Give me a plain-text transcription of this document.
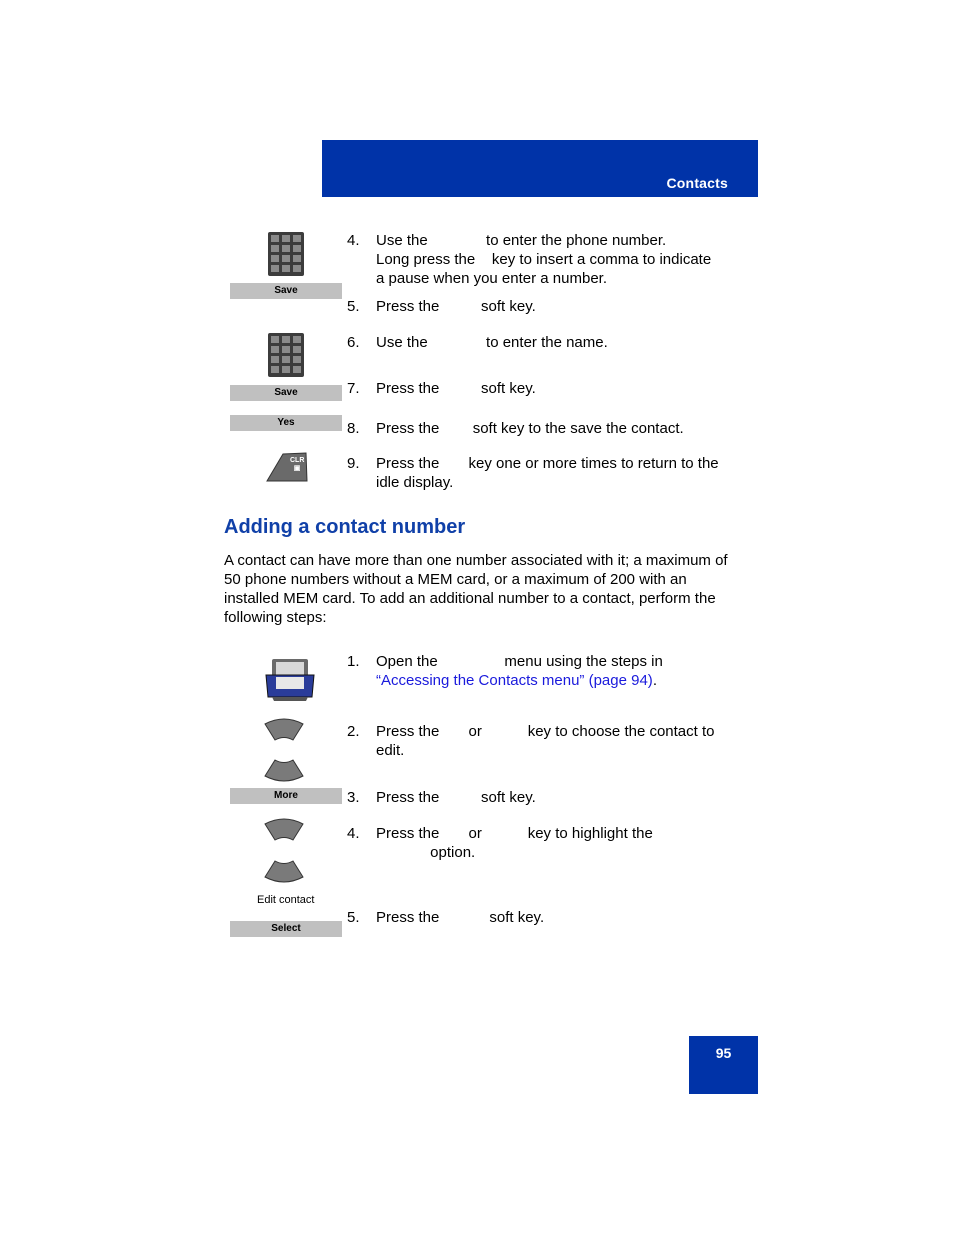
Contacts
Save
4. Use the              to enter the phone number.
Long press the    key to insert a comma to indicate
a pause when you enter a number.
5. Press the          soft key.
6. Use the              to enter the name.
Save	7. Press the          soft key.
Yes	8. Press the        soft key to the save the contact.
CLR
▣	9. Press the       key one or more times to return to the
idle display.
Adding a contact number
A contact can have more than one number associated with it; a maximum of 50 phone numbers without a MEM card, or a maximum of 200 with an installed MEM card. To add an additional number to a contact, perform the following steps:
1. Open the                menu using the steps in
“Accessing the Contacts menu” (page 94).
2. Press the       or           key to choose the contact to
edit.
More	3. Press the          soft key.
4. Press the       or           key to highlight the
option.
Edit contact
Select
5. Press the            soft key.
95
